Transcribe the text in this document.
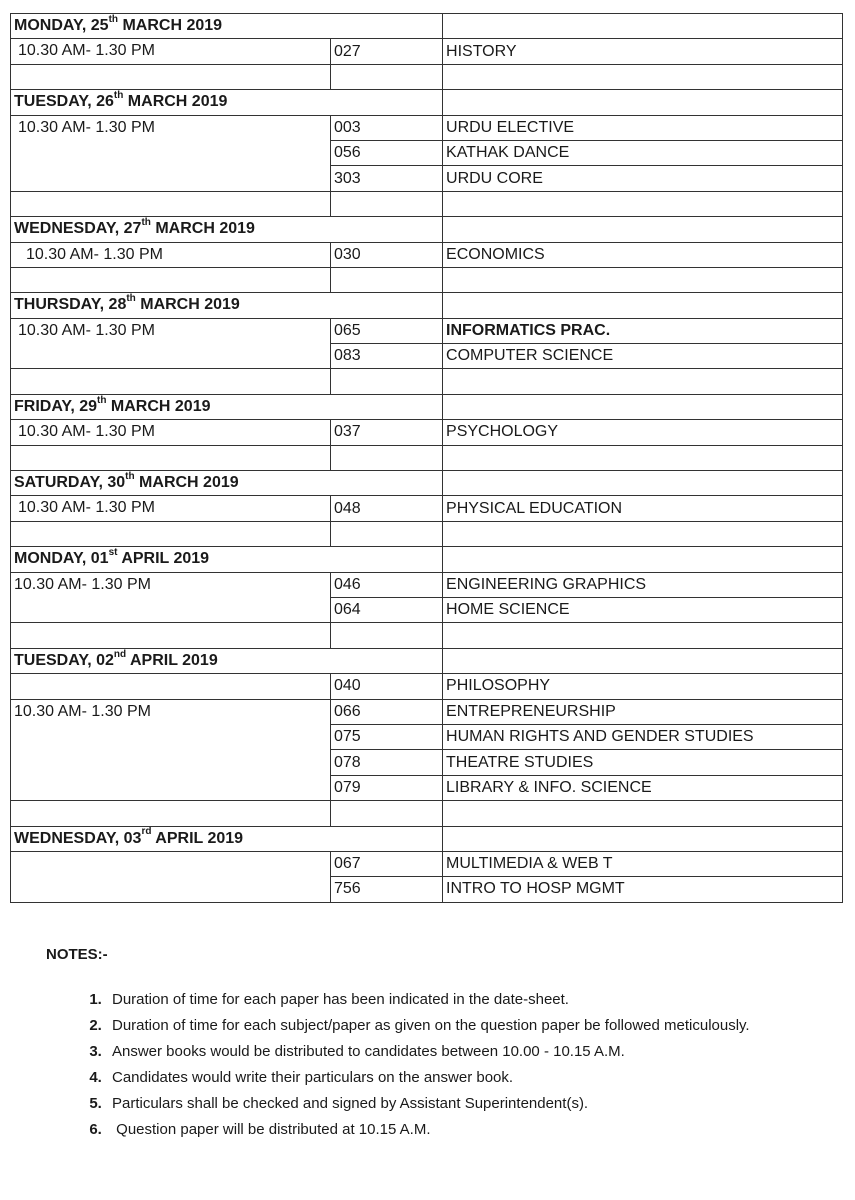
MONDAY, 25th MARCH 2019		
10.30 AM- 1.30 PM	027	HISTORY

TUESDAY, 26th MARCH 2019		
10.30 AM- 1.30 PM	003	URDU ELECTIVE
	056	KATHAK DANCE
	303	URDU CORE

WEDNESDAY, 27th MARCH 2019		
10.30 AM- 1.30 PM	030	ECONOMICS

THURSDAY, 28th MARCH 2019		
10.30 AM- 1.30 PM	065	INFORMATICS PRAC.
	083	COMPUTER SCIENCE

FRIDAY, 29th MARCH 2019		
10.30 AM- 1.30 PM	037	PSYCHOLOGY

SATURDAY, 30th MARCH 2019		
10.30 AM- 1.30 PM	048	PHYSICAL EDUCATION

MONDAY, 01st APRIL 2019		
10.30 AM- 1.30 PM	046	ENGINEERING GRAPHICS
	064	HOME SCIENCE

TUESDAY, 02nd APRIL 2019		
	040	PHILOSOPHY
10.30 AM- 1.30 PM	066	ENTREPRENEURSHIP
	075	HUMAN RIGHTS AND GENDER STUDIES
	078	THEATRE STUDIES
	079	LIBRARY & INFO. SCIENCE

WEDNESDAY, 03rd APRIL 2019		
	067	MULTIMEDIA & WEB T
	756	INTRO TO HOSP MGMT
NOTES:-
1. Duration of time for each paper has been indicated in the date-sheet.
2. Duration of time for each subject/paper as given on the question paper be followed meticulously.
3. Answer books would be distributed to candidates between 10.00 - 10.15 A.M.
4. Candidates would write their particulars on the answer book.
5. Particulars shall be checked and signed by Assistant Superintendent(s).
6.  Question paper will be distributed at 10.15 A.M.
